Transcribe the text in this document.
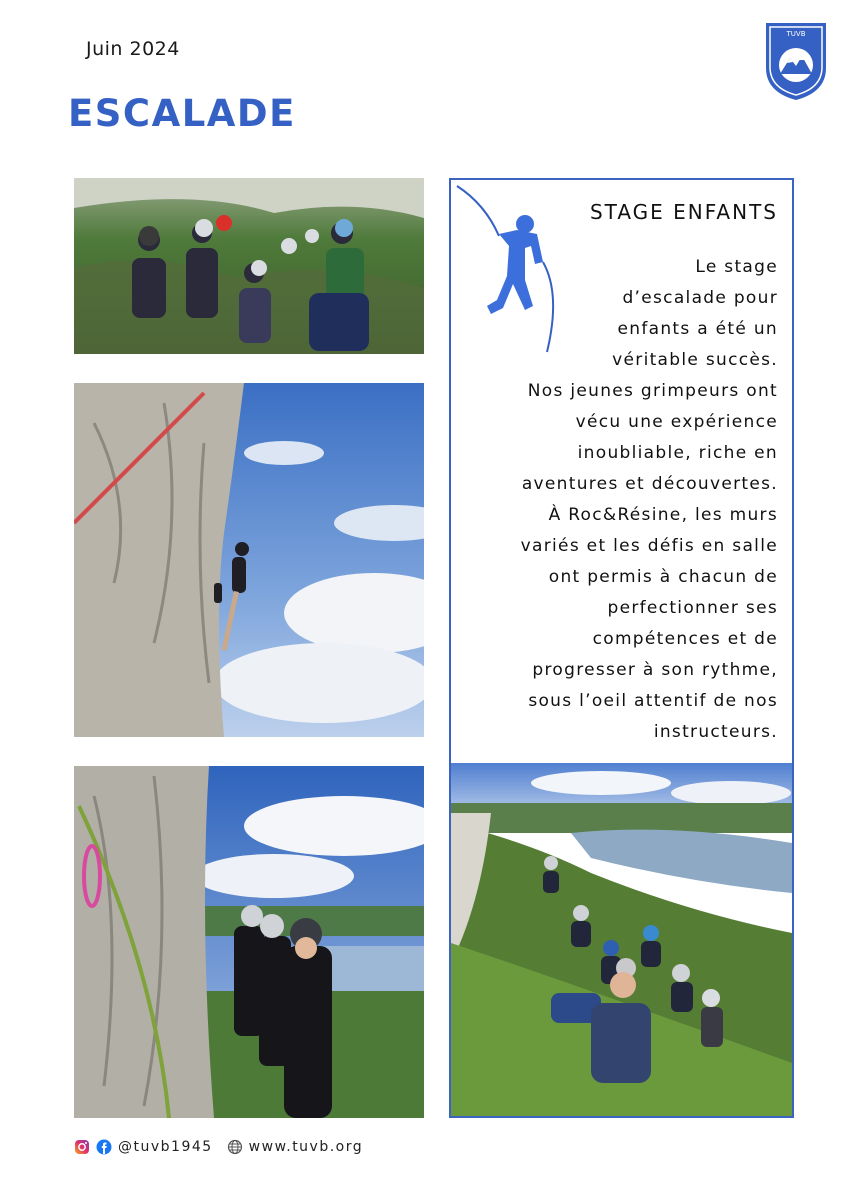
Juin 2024
ESCALADE
TUVB
STAGE ENFANTS
Le stage
d’escalade pour
enfants a été un
véritable succès.
Nos jeunes grimpeurs ont
vécu une expérience
inoubliable, riche en
aventures et découvertes.
À Roc&Résine, les murs
variés et les défis en salle
ont permis à chacun de
perfectionner ses
compétences et de
progresser à son rythme,
sous l’oeil attentif de nos
instructeurs.
@tuvb1945	www.tuvb.org
